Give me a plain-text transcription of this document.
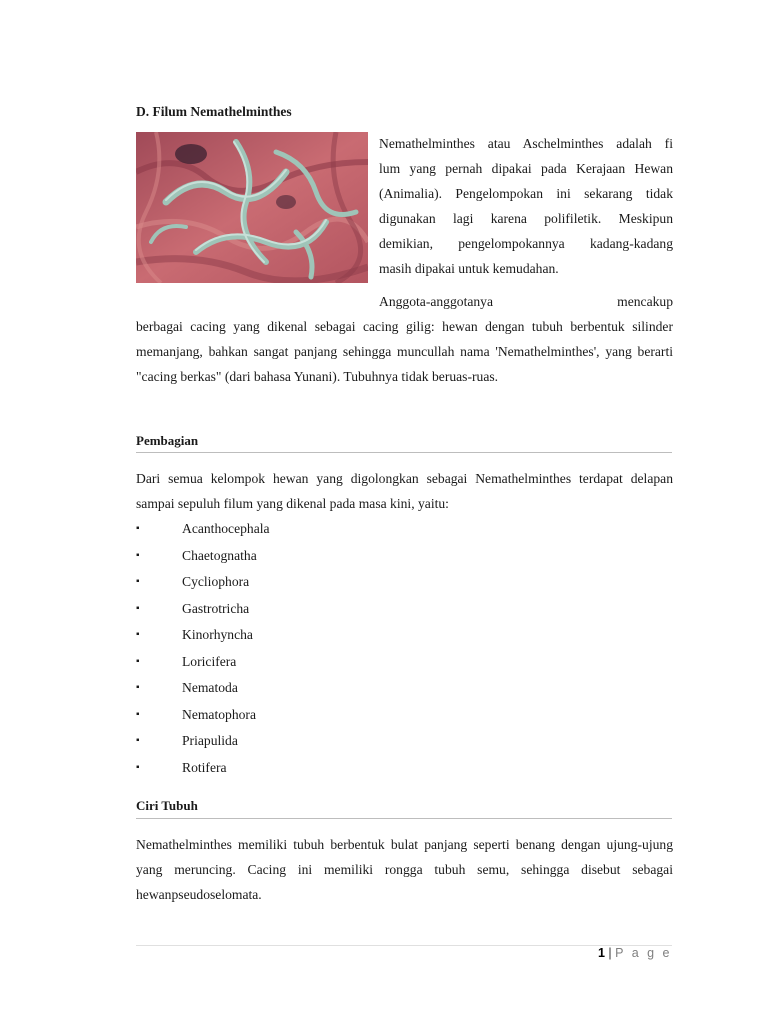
D. Filum Nemathelminthes
Nemathelminthes atau Aschelminthes adalah fi
lum yang pernah dipakai pada Kerajaan Hewan
(Animalia). Pengelompokan ini sekarang tidak
digunakan lagi karena polifiletik. Meskipun
demikian, pengelompokannya kadang-kadang
masih dipakai untuk kemudahan.
Anggota-anggotanya	mencakup
berbagai cacing yang dikenal sebagai cacing gilig: hewan dengan tubuh berbentuk silinder memanjang, bahkan sangat panjang sehingga muncullah nama 'Nemathelminthes', yang berarti "cacing berkas" (dari bahasa Yunani). Tubuhnya tidak beruas-ruas.
Pembagian
Dari semua kelompok hewan yang digolongkan sebagai Nemathelminthes terdapat delapan sampai sepuluh filum yang dikenal pada masa kini, yaitu:
▪	Acanthocephala
▪	Chaetognatha
▪	Cycliophora
▪	Gastrotricha
▪	Kinorhyncha
▪	Loricifera
▪	Nematoda
▪	Nematophora
▪	Priapulida
▪	Rotifera
Ciri Tubuh
Nemathelminthes memiliki tubuh berbentuk bulat panjang seperti benang dengan ujung-ujung yang meruncing. Cacing ini memiliki rongga tubuh semu, sehingga disebut sebagai hewanpseudoselomata.
1 | P a g e
